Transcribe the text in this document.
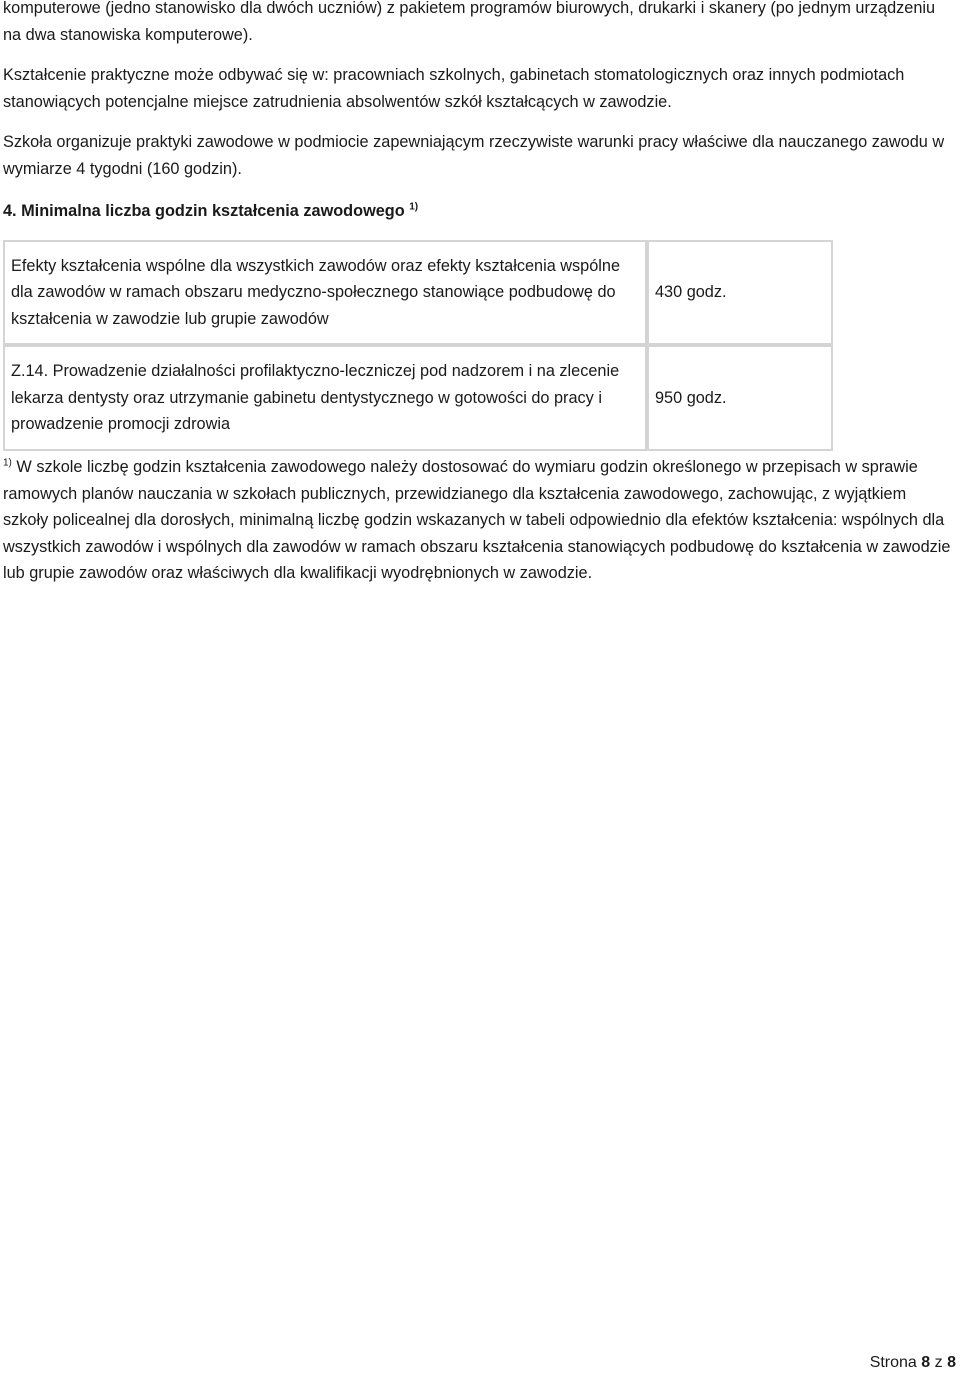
komputerowe (jedno stanowisko dla dwóch uczniów) z pakietem programów biurowych, drukarki i skanery (po jednym urządzeniu na dwa stanowiska komputerowe).

Kształcenie praktyczne może odbywać się w: pracowniach szkolnych, gabinetach stomatologicznych oraz innych podmiotach stanowiących potencjalne miejsce zatrudnienia absolwentów szkół kształcących w zawodzie.

Szkoła organizuje praktyki zawodowe w podmiocie zapewniającym rzeczywiste warunki pracy właściwe dla nauczanego zawodu w wymiarze 4 tygodni (160 godzin).

4. Minimalna liczba godzin kształcenia zawodowego $^{1)}$

Efekty kształcenia wspólne dla wszystkich zawodów oraz efekty kształcenia wspólne dla zawodów w ramach obszaru medyczno-społecznego stanowiące podbudowę do kształcenia w zawodzie lub grupie zawodów	430 godz.
Z.14. Prowadzenie działalności profilaktyczno-leczniczej pod nadzorem i na zlecenie lekarza dentysty oraz utrzymanie gabinetu dentystycznego w gotowości do pracy i prowadzenie promocji zdrowia	950 godz.

$^{1)}$ W szkole liczbę godzin kształcenia zawodowego należy dostosować do wymiaru godzin określonego w przepisach w sprawie ramowych planów nauczania w szkołach publicznych, przewidzianego dla kształcenia zawodowego, zachowując, z wyjątkiem szkoły policealnej dla dorosłych, minimalną liczbę godzin wskazanych w tabeli odpowiednio dla efektów kształcenia: wspólnych dla wszystkich zawodów i wspólnych dla zawodów w ramach obszaru kształcenia stanowiących podbudowę do kształcenia w zawodzie lub grupie zawodów oraz właściwych dla kwalifikacji wyodrębnionych w zawodzie.

Strona 8 z 8
